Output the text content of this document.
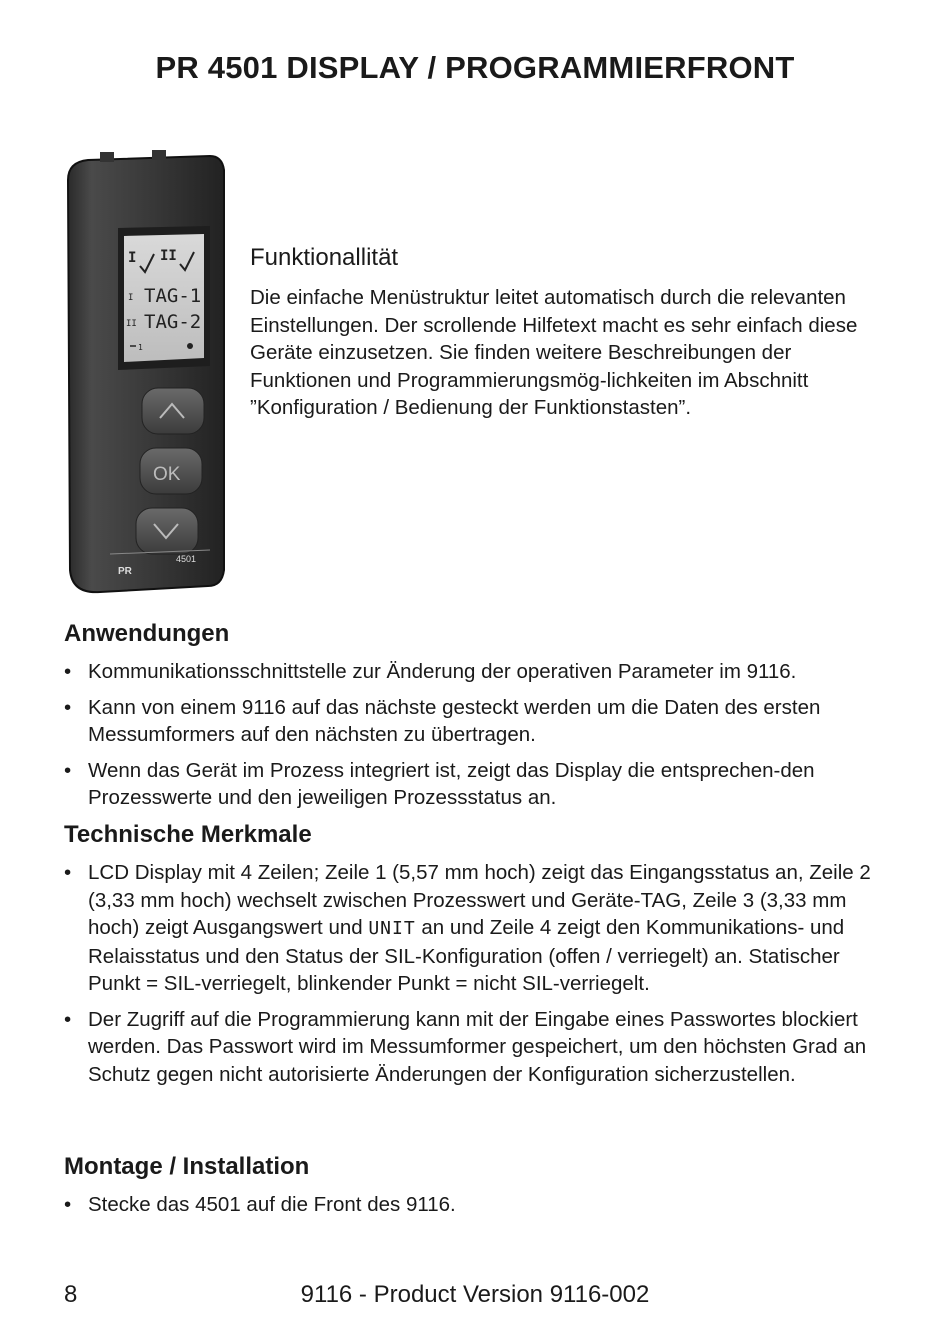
PR 4501 DISPLAY / PROGRAMMIERFRONT
I II
I TAG-1
II TAG-2
1
OK
PR
4501
Funktionallität

Die einfache Menüstruktur leitet automatisch durch die relevanten Einstellungen. Der scrollende Hilfetext macht es sehr einfach diese Geräte einzusetzen. Sie finden weitere Beschreibungen der Funktionen und Programmierungsmög-lichkeiten im Abschnitt ”Konfiguration / Bedienung der Funktionstasten”.

Anwendungen
• Kommunikationsschnittstelle zur Änderung der operativen Parameter im 9116.
• Kann von einem 9116 auf das nächste gesteckt werden um die Daten des ersten Messumformers auf den nächsten zu übertragen.
• Wenn das Gerät im Prozess integriert ist, zeigt das Display die entsprechen-den Prozesswerte und den jeweiligen Prozessstatus an.
Technische Merkmale
• LCD Display mit 4 Zeilen; Zeile 1 (5,57 mm hoch) zeigt das Eingangsstatus an, Zeile 2 (3,33 mm hoch) wechselt zwischen Prozesswert und Geräte-TAG, Zeile 3 (3,33 mm hoch) zeigt Ausgangswert und UNIT an und Zeile 4 zeigt den Kommunikations- und Relaisstatus und den Status der SIL-Konfiguration (offen / verriegelt) an. Statischer Punkt = SIL-verriegelt, blinkender Punkt = nicht SIL-verriegelt.
• Der Zugriff auf die Programmierung kann mit der Eingabe eines Passwortes blockiert werden. Das Passwort wird im Messumformer gespeichert, um den höchsten Grad an Schutz gegen nicht autorisierte Änderungen der Konfiguration sicherzustellen.
Montage / Installation
• Stecke das 4501 auf die Front des 9116.
8	9116 - Product Version 9116-002
